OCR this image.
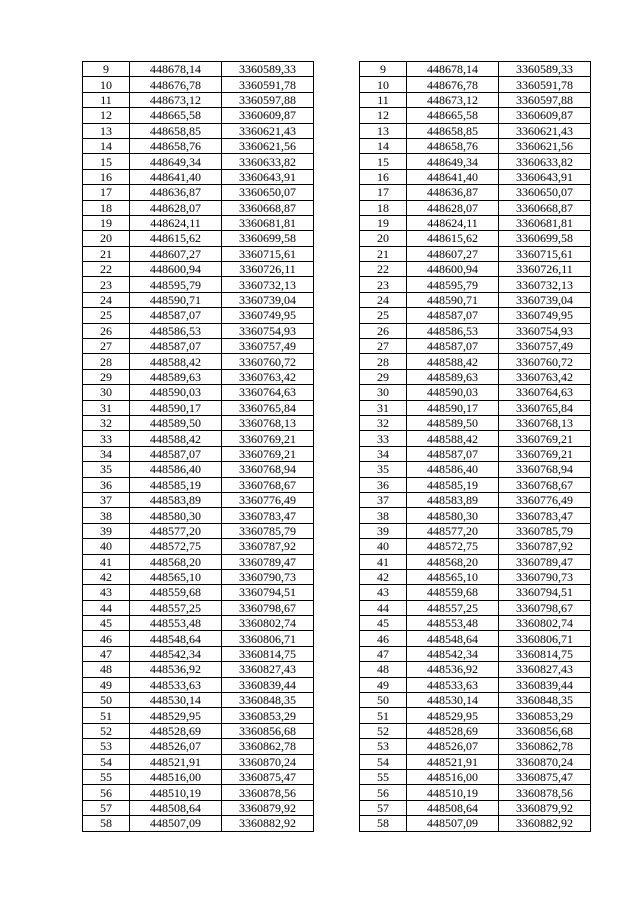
9	448678,14	3360589,33		9	448678,14	3360589,33
10	448676,78	3360591,78		10	448676,78	3360591,78
11	448673,12	3360597,88		11	448673,12	3360597,88
12	448665,58	3360609,87		12	448665,58	3360609,87
13	448658,85	3360621,43		13	448658,85	3360621,43
14	448658,76	3360621,56		14	448658,76	3360621,56
15	448649,34	3360633,82		15	448649,34	3360633,82
16	448641,40	3360643,91		16	448641,40	3360643,91
17	448636,87	3360650,07		17	448636,87	3360650,07
18	448628,07	3360668,87		18	448628,07	3360668,87
19	448624,11	3360681,81		19	448624,11	3360681,81
20	448615,62	3360699,58		20	448615,62	3360699,58
21	448607,27	3360715,61		21	448607,27	3360715,61
22	448600,94	3360726,11		22	448600,94	3360726,11
23	448595,79	3360732,13		23	448595,79	3360732,13
24	448590,71	3360739,04		24	448590,71	3360739,04
25	448587,07	3360749,95		25	448587,07	3360749,95
26	448586,53	3360754,93		26	448586,53	3360754,93
27	448587,07	3360757,49		27	448587,07	3360757,49
28	448588,42	3360760,72		28	448588,42	3360760,72
29	448589,63	3360763,42		29	448589,63	3360763,42
30	448590,03	3360764,63		30	448590,03	3360764,63
31	448590,17	3360765,84		31	448590,17	3360765,84
32	448589,50	3360768,13		32	448589,50	3360768,13
33	448588,42	3360769,21		33	448588,42	3360769,21
34	448587,07	3360769,21		34	448587,07	3360769,21
35	448586,40	3360768,94		35	448586,40	3360768,94
36	448585,19	3360768,67		36	448585,19	3360768,67
37	448583,89	3360776,49		37	448583,89	3360776,49
38	448580,30	3360783,47		38	448580,30	3360783,47
39	448577,20	3360785,79		39	448577,20	3360785,79
40	448572,75	3360787,92		40	448572,75	3360787,92
41	448568,20	3360789,47		41	448568,20	3360789,47
42	448565,10	3360790,73		42	448565,10	3360790,73
43	448559,68	3360794,51		43	448559,68	3360794,51
44	448557,25	3360798,67		44	448557,25	3360798,67
45	448553,48	3360802,74		45	448553,48	3360802,74
46	448548,64	3360806,71		46	448548,64	3360806,71
47	448542,34	3360814,75		47	448542,34	3360814,75
48	448536,92	3360827,43		48	448536,92	3360827,43
49	448533,63	3360839,44		49	448533,63	3360839,44
50	448530,14	3360848,35		50	448530,14	3360848,35
51	448529,95	3360853,29		51	448529,95	3360853,29
52	448528,69	3360856,68		52	448528,69	3360856,68
53	448526,07	3360862,78		53	448526,07	3360862,78
54	448521,91	3360870,24		54	448521,91	3360870,24
55	448516,00	3360875,47		55	448516,00	3360875,47
56	448510,19	3360878,56		56	448510,19	3360878,56
57	448508,64	3360879,92		57	448508,64	3360879,92
58	448507,09	3360882,92		58	448507,09	3360882,92
